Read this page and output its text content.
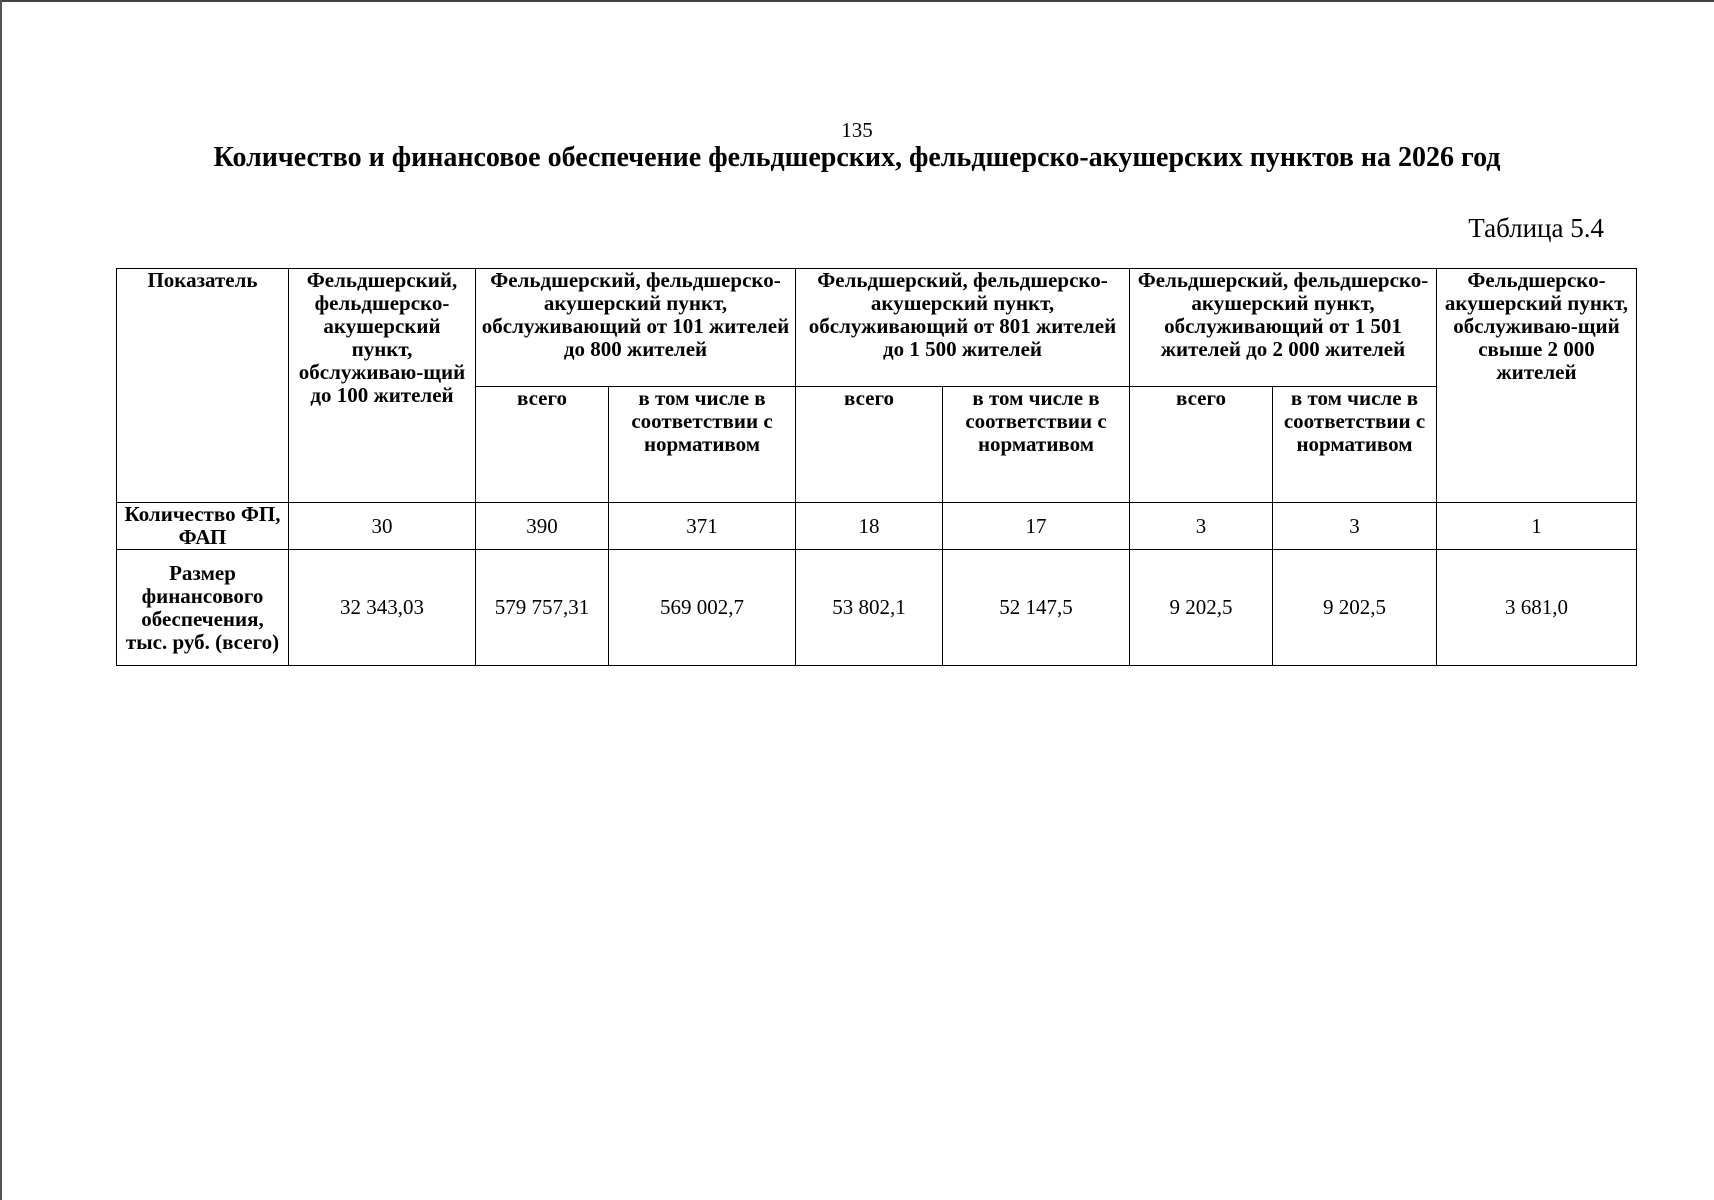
135
Количество и финансовое обеспечение фельдшерских, фельдшерско-акушерских пунктов на 2026 год
Таблица 5.4
Показатель	Фельдшерский, фельдшерско-акушерский пункт, обслуживаю-щий до 100 жителей	Фельдшерский, фельдшерско-акушерский пункт, обслуживающий от 101 жителей до 800 жителей		Фельдшерский, фельдшерско-акушерский пункт, обслуживающий от 801 жителей до 1 500 жителей		Фельдшерский, фельдшерско-акушерский пункт, обслуживающий от 1 501 жителей до 2 000 жителей		Фельдшерско-акушерский пункт, обслуживаю-щий свыше 2 000 жителей
		всего	в том числе в соответствии с нормативом	всего	в том числе в соответствии с нормативом	всего	в том числе в соответствии с нормативом	
Количество ФП, ФАП	30	390	371	18	17	3	3	1
Размер финансового обеспечения, тыс. руб. (всего)	32 343,03	579 757,31	569 002,7	53 802,1	52 147,5	9 202,5	9 202,5	3 681,0
